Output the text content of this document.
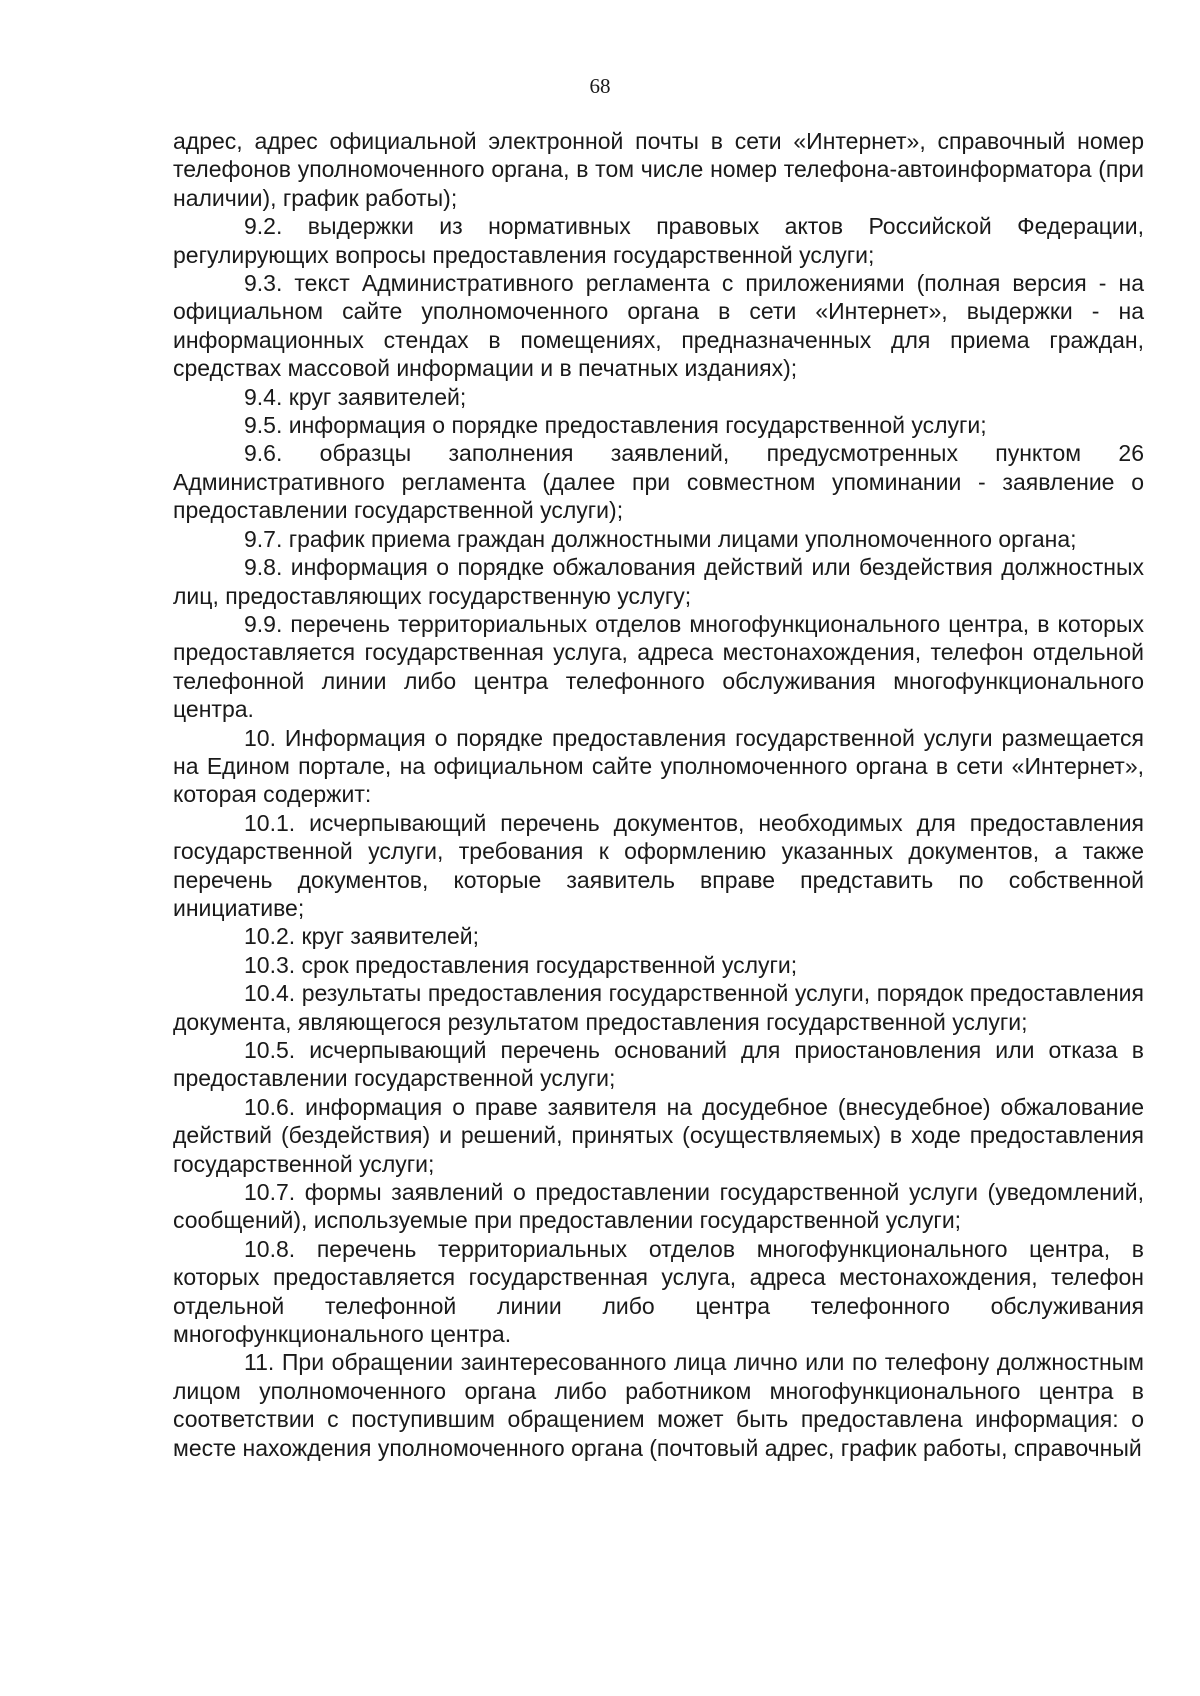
68

адрес, адрес официальной электронной почты в сети «Интернет», справочный номер телефонов уполномоченного органа, в том числе номер телефона-автоинформатора (при наличии), график работы);

9.2. выдержки из нормативных правовых актов Российской Федерации, регулирующих вопросы предоставления государственной услуги;

9.3. текст Административного регламента с приложениями (полная версия - на официальном сайте уполномоченного органа в сети «Интернет», выдержки - на информационных стендах в помещениях, предназначенных для приема граждан, средствах массовой информации и в печатных изданиях);

9.4. круг заявителей;

9.5. информация о порядке предоставления государственной услуги;

9.6. образцы заполнения заявлений, предусмотренных пунктом 26 Административного регламента (далее при совместном упоминании - заявление о предоставлении государственной услуги);

9.7. график приема граждан должностными лицами уполномоченного органа;

9.8. информация о порядке обжалования действий или бездействия должностных лиц, предоставляющих государственную услугу;

9.9. перечень территориальных отделов многофункционального центра, в которых предоставляется государственная услуга, адреса местонахождения, телефон отдельной телефонной линии либо центра телефонного обслуживания многофункционального центра.

10. Информация о порядке предоставления государственной услуги размещается на Едином портале, на официальном сайте уполномоченного органа в сети «Интернет», которая содержит:

10.1. исчерпывающий перечень документов, необходимых для предоставления государственной услуги, требования к оформлению указанных документов, а также перечень документов, которые заявитель вправе представить по собственной инициативе;

10.2. круг заявителей;

10.3. срок предоставления государственной услуги;

10.4. результаты предоставления государственной услуги, порядок предоставления документа, являющегося результатом предоставления государственной услуги;

10.5. исчерпывающий перечень оснований для приостановления или отказа в предоставлении государственной услуги;

10.6. информация о праве заявителя на досудебное (внесудебное) обжалование действий (бездействия) и решений, принятых (осуществляемых) в ходе предоставления государственной услуги;

10.7. формы заявлений о предоставлении государственной услуги (уведомлений, сообщений), используемые при предоставлении государственной услуги;

10.8. перечень территориальных отделов многофункционального центра, в которых предоставляется государственная услуга, адреса местонахождения, телефон отдельной телефонной линии либо центра телефонного обслуживания многофункционального центра.

11. При обращении заинтересованного лица лично или по телефону должностным лицом уполномоченного органа либо работником многофункционального центра в соответствии с поступившим обращением может быть предоставлена информация: о месте нахождения уполномоченного органа (почтовый адрес, график работы, справочный
